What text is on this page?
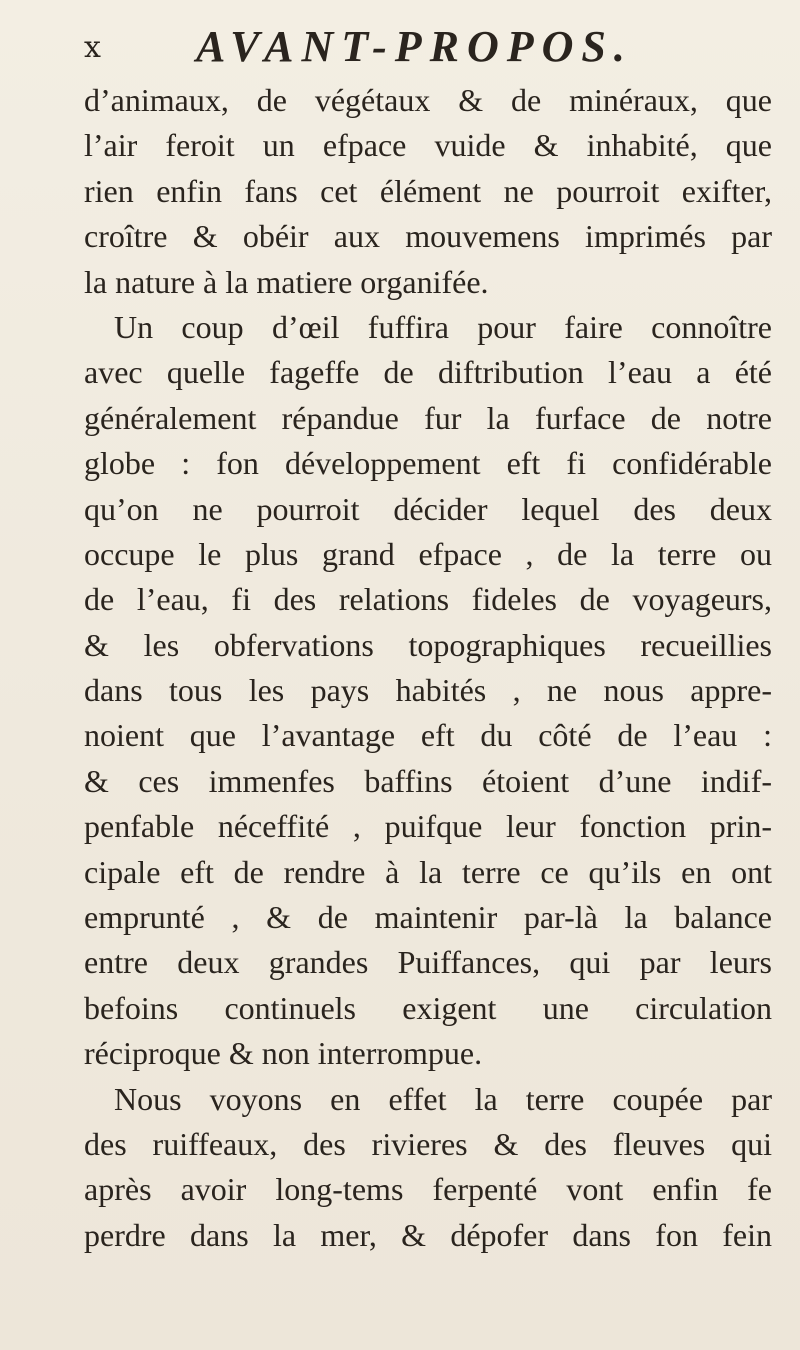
x AVANT-PROPOS.
d’animaux, de végétaux & de minéraux, que
l’air feroit un efpace vuide & inhabité, que
rien enfin fans cet élément ne pourroit exifter,
croître & obéir aux mouvemens imprimés par
la nature à la matiere organifée.
Un coup d’œil fuffira pour faire connoître
avec quelle fageffe de diftribution l’eau a été
généralement répandue fur la furface de notre
globe : fon développement eft fi confidérable
qu’on ne pourroit décider lequel des deux
occupe le plus grand efpace , de la terre ou
de l’eau, fi des relations fideles de voyageurs,
& les obfervations topographiques recueillies
dans tous les pays habités , ne nous appre-
noient que l’avantage eft du côté de l’eau :
& ces immenfes baffins étoient d’une indif-
penfable néceffité , puifque leur fonction prin-
cipale eft de rendre à la terre ce qu’ils en ont
emprunté , & de maintenir par-là la balance
entre deux grandes Puiffances, qui par leurs
befoins continuels exigent une circulation
réciproque & non interrompue.
Nous voyons en effet la terre coupée par
des ruiffeaux, des rivieres & des fleuves qui
après avoir long-tems ferpenté vont enfin fe
perdre dans la mer, & dépofer dans fon fein
